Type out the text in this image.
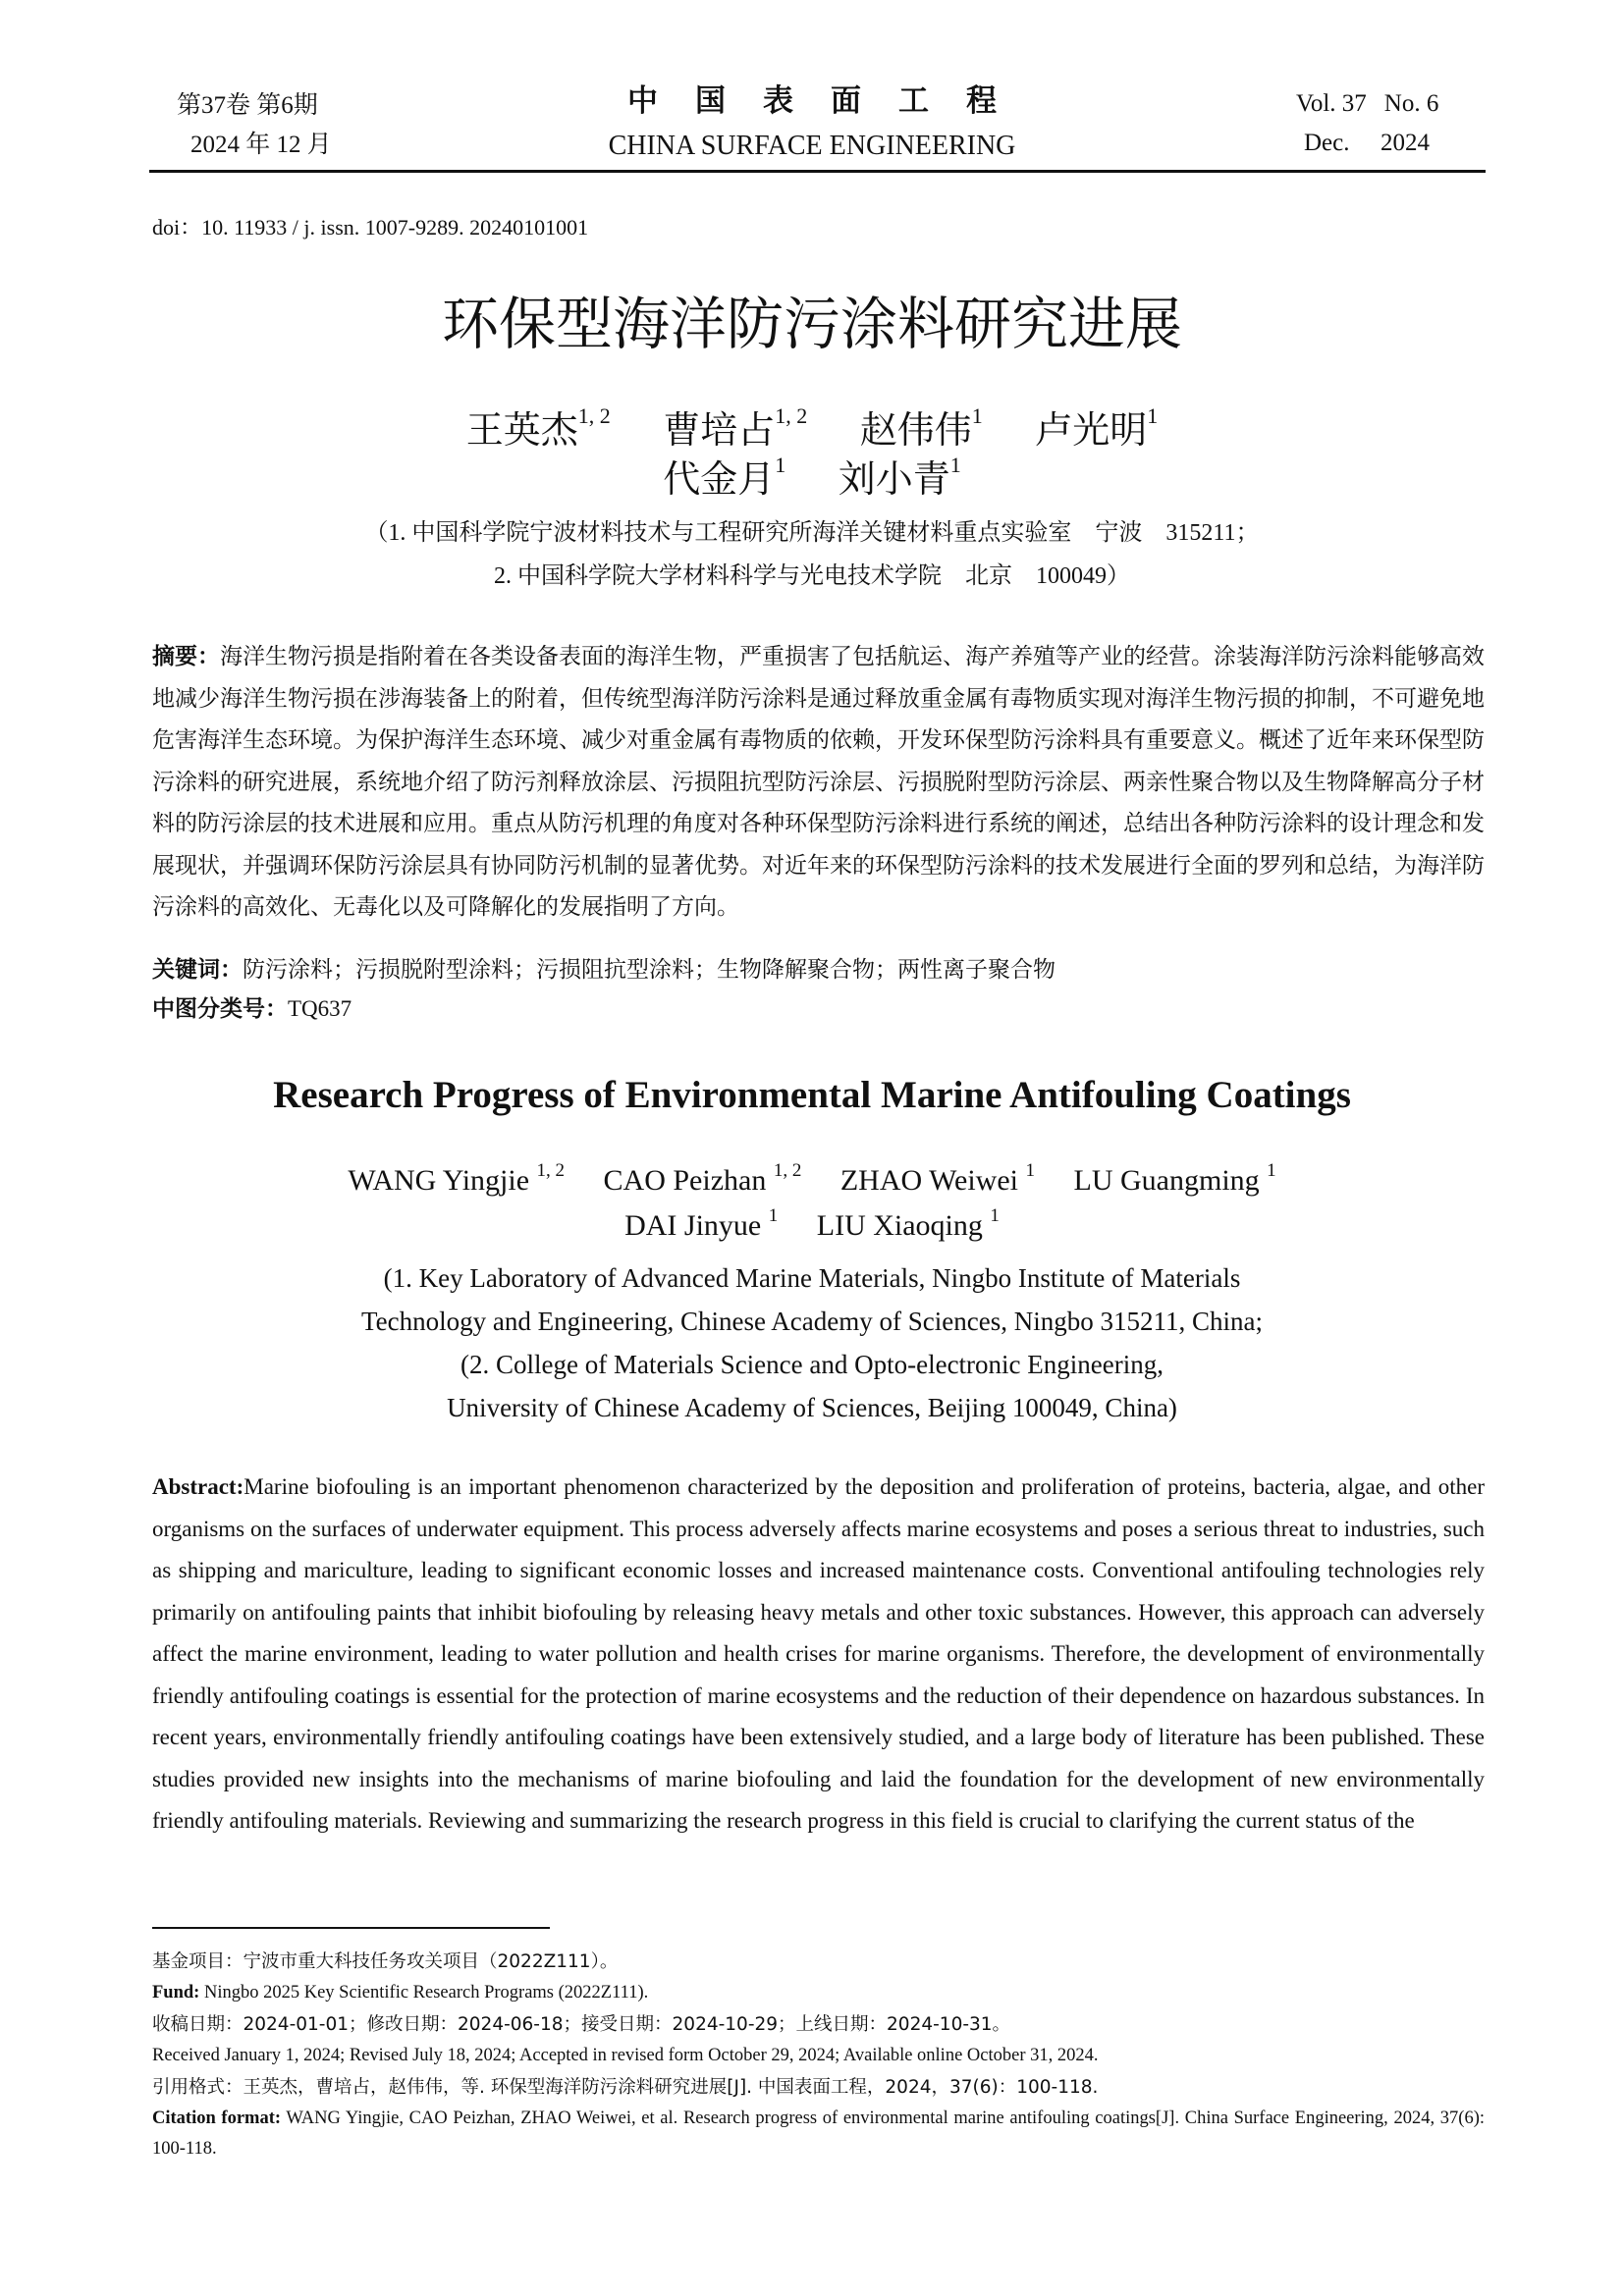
第37卷 第6期
2024 年 12 月
中国表面工程
CHINA SURFACE ENGINEERING
Vol. 37 No. 6
Dec. 2024
doi：10. 11933 / j. issn. 1007-9289. 20240101001
环保型海洋防污涂料研究进展
王英杰$^{1, 2}$ 曹培占$^{1, 2}$ 赵伟伟$^1$ 卢光明$^1$
代金月$^1$ 刘小青$^1$
（1. 中国科学院宁波材料技术与工程研究所海洋关键材料重点实验室　宁波　315211；
2. 中国科学院大学材料科学与光电技术学院　北京　100049）
摘要：海洋生物污损是指附着在各类设备表面的海洋生物，严重损害了包括航运、海产养殖等产业的经营。涂装海洋防污涂料能够高效地减少海洋生物污损在涉海装备上的附着，但传统型海洋防污涂料是通过释放重金属有毒物质实现对海洋生物污损的抑制，不可避免地危害海洋生态环境。为保护海洋生态环境、减少对重金属有毒物质的依赖，开发环保型防污涂料具有重要意义。概述了近年来环保型防污涂料的研究进展，系统地介绍了防污剂释放涂层、污损阻抗型防污涂层、污损脱附型防污涂层、两亲性聚合物以及生物降解高分子材料的防污涂层的技术进展和应用。重点从防污机理的角度对各种环保型防污涂料进行系统的阐述，总结出各种防污涂料的设计理念和发展现状，并强调环保防污涂层具有协同防污机制的显著优势。对近年来的环保型防污涂料的技术发展进行全面的罗列和总结，为海洋防污涂料的高效化、无毒化以及可降解化的发展指明了方向。
关键词：防污涂料；污损脱附型涂料；污损阻抗型涂料；生物降解聚合物；两性离子聚合物
中图分类号：TQ637
Research Progress of Environmental Marine Antifouling Coatings
WANG Yingjie $^{1, 2}$ CAO Peizhan $^{1, 2}$ ZHAO Weiwei $^1$ LU Guangming $^1$
DAI Jinyue $^1$ LIU Xiaoqing $^1$
(1. Key Laboratory of Advanced Marine Materials, Ningbo Institute of Materials
Technology and Engineering, Chinese Academy of Sciences, Ningbo 315211, China;
(2. College of Materials Science and Opto-electronic Engineering,
University of Chinese Academy of Sciences, Beijing 100049, China)
Abstract:Marine biofouling is an important phenomenon characterized by the deposition and proliferation of proteins, bacteria, algae, and other organisms on the surfaces of underwater equipment. This process adversely affects marine ecosystems and poses a serious threat to industries, such as shipping and mariculture, leading to significant economic losses and increased maintenance costs. Conventional antifouling technologies rely primarily on antifouling paints that inhibit biofouling by releasing heavy metals and other toxic substances. However, this approach can adversely affect the marine environment, leading to water pollution and health crises for marine organisms. Therefore, the development of environmentally friendly antifouling coatings is essential for the protection of marine ecosystems and the reduction of their dependence on hazardous substances. In recent years, environmentally friendly antifouling coatings have been extensively studied, and a large body of literature has been published. These studies provided new insights into the mechanisms of marine biofouling and laid the foundation for the development of new environmentally friendly antifouling materials. Reviewing and summarizing the research progress in this field is crucial to clarifying the current status of the
基金项目：宁波市重大科技任务攻关项目（2022Z111）。
Fund: Ningbo 2025 Key Scientific Research Programs (2022Z111).
收稿日期：2024-01-01；修改日期：2024-06-18；接受日期：2024-10-29；上线日期：2024-10-31。
Received January 1, 2024; Revised July 18, 2024; Accepted in revised form October 29, 2024; Available online October 31, 2024.
引用格式：王英杰，曹培占，赵伟伟，等. 环保型海洋防污涂料研究进展[J]. 中国表面工程，2024，37(6)：100-118.
Citation format: WANG Yingjie, CAO Peizhan, ZHAO Weiwei, et al. Research progress of environmental marine antifouling coatings[J]. China Surface Engineering, 2024, 37(6): 100-118.
